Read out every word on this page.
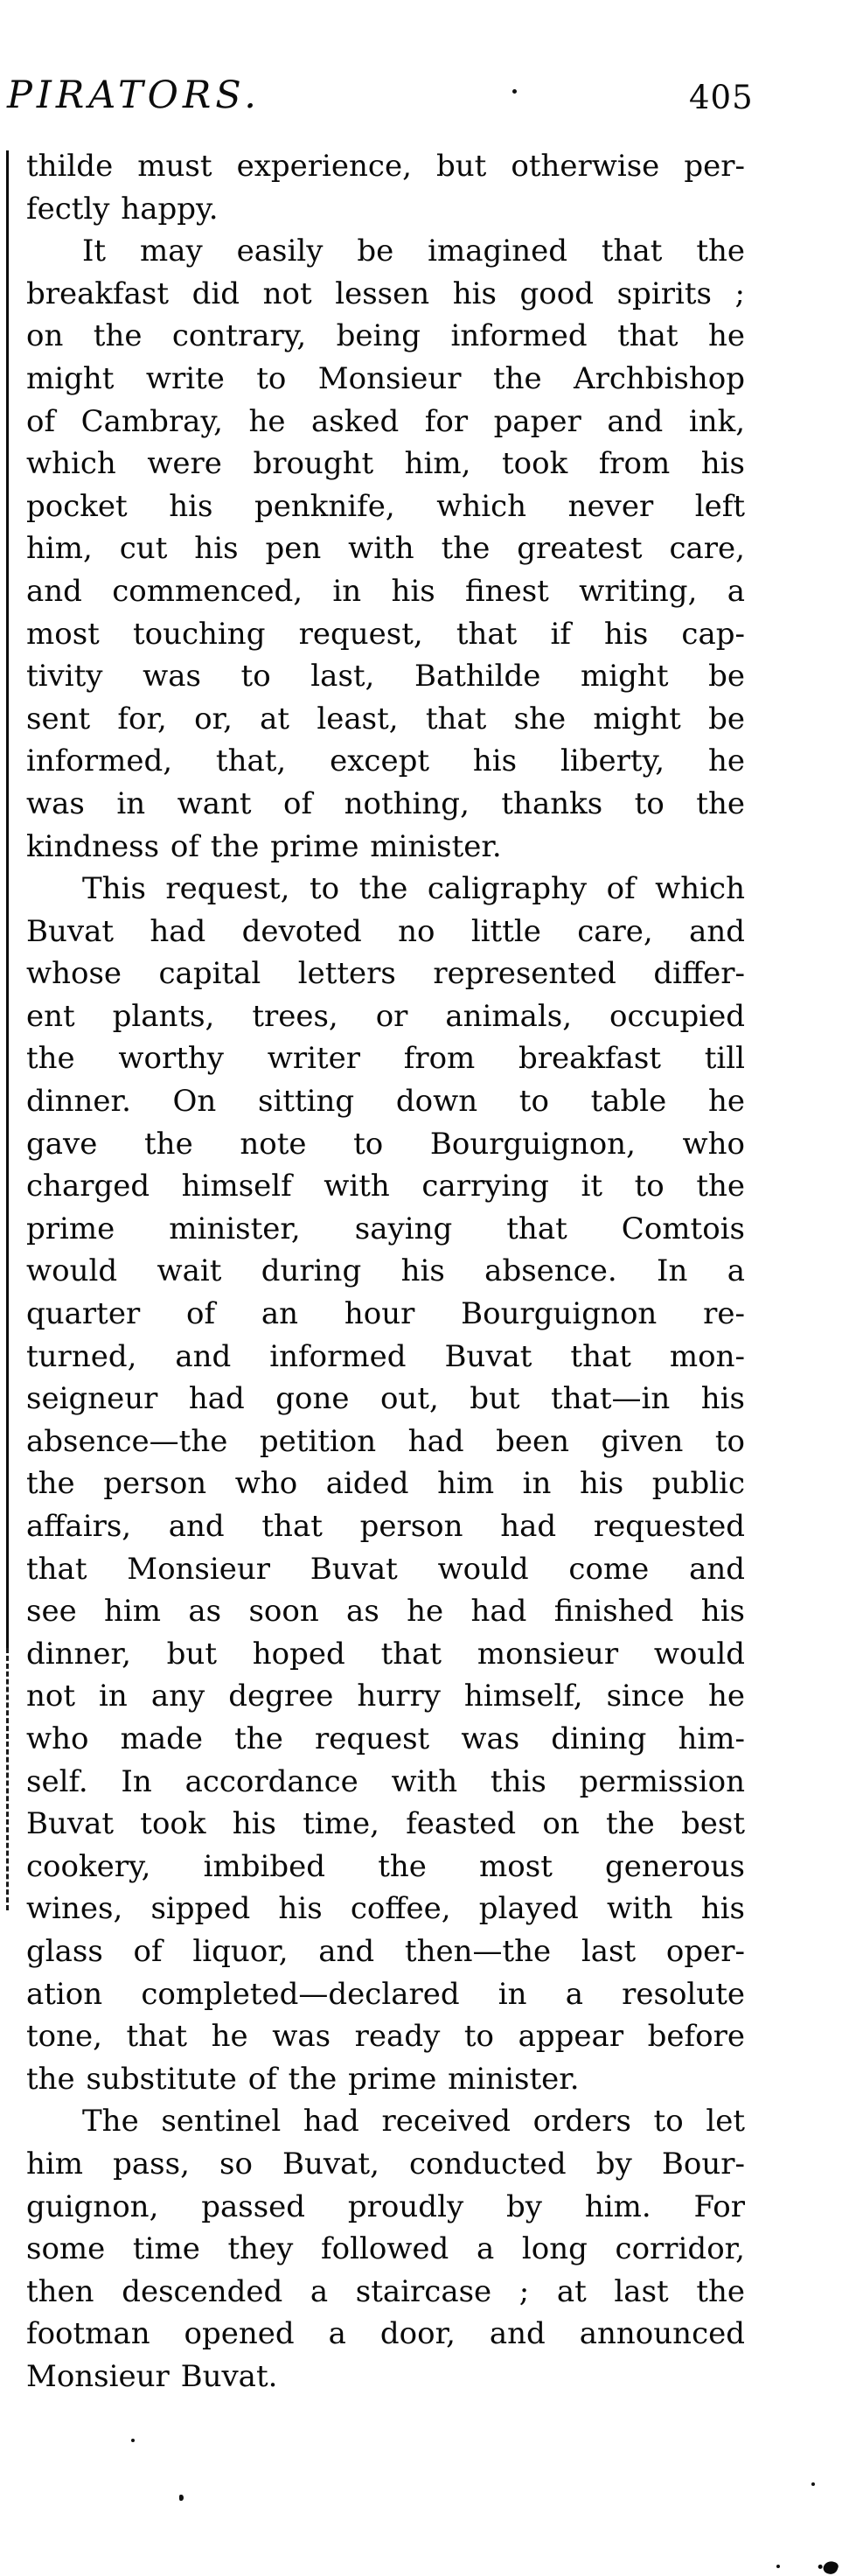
PIRATORS.	405
thilde must experience, but otherwise per-
fectly happy.
It may easily be imagined that the
breakfast did not lessen his good spirits ;
on the contrary, being informed that he
might write to Monsieur the Archbishop
of Cambray, he asked for paper and ink,
which were brought him, took from his
pocket his penknife, which never left
him, cut his pen with the greatest care,
and commenced, in his finest writing, a
most touching request, that if his cap-
tivity was to last, Bathilde might be
sent for, or, at least, that she might be
informed, that, except his liberty, he
was in want of nothing, thanks to the
kindness of the prime minister.
This request, to the caligraphy of which
Buvat had devoted no little care, and
whose capital letters represented differ-
ent plants, trees, or animals, occupied
the worthy writer from breakfast till
dinner. On sitting down to table he
gave the note to Bourguignon, who
charged himself with carrying it to the
prime minister, saying that Comtois
would wait during his absence. In a
quarter of an hour Bourguignon re-
turned, and informed Buvat that mon-
seigneur had gone out, but that—in his
absence—the petition had been given to
the person who aided him in his public
affairs, and that person had requested
that Monsieur Buvat would come and
see him as soon as he had finished his
dinner, but hoped that monsieur would
not in any degree hurry himself, since he
who made the request was dining him-
self. In accordance with this permission
Buvat took his time, feasted on the best
cookery, imbibed the most generous
wines, sipped his coffee, played with his
glass of liquor, and then—the last oper-
ation completed—declared in a resolute
tone, that he was ready to appear before
the substitute of the prime minister.
The sentinel had received orders to let
him pass, so Buvat, conducted by Bour-
guignon, passed proudly by him. For
some time they followed a long corridor,
then descended a staircase ; at last the
footman opened a door, and announced
Monsieur Buvat.
